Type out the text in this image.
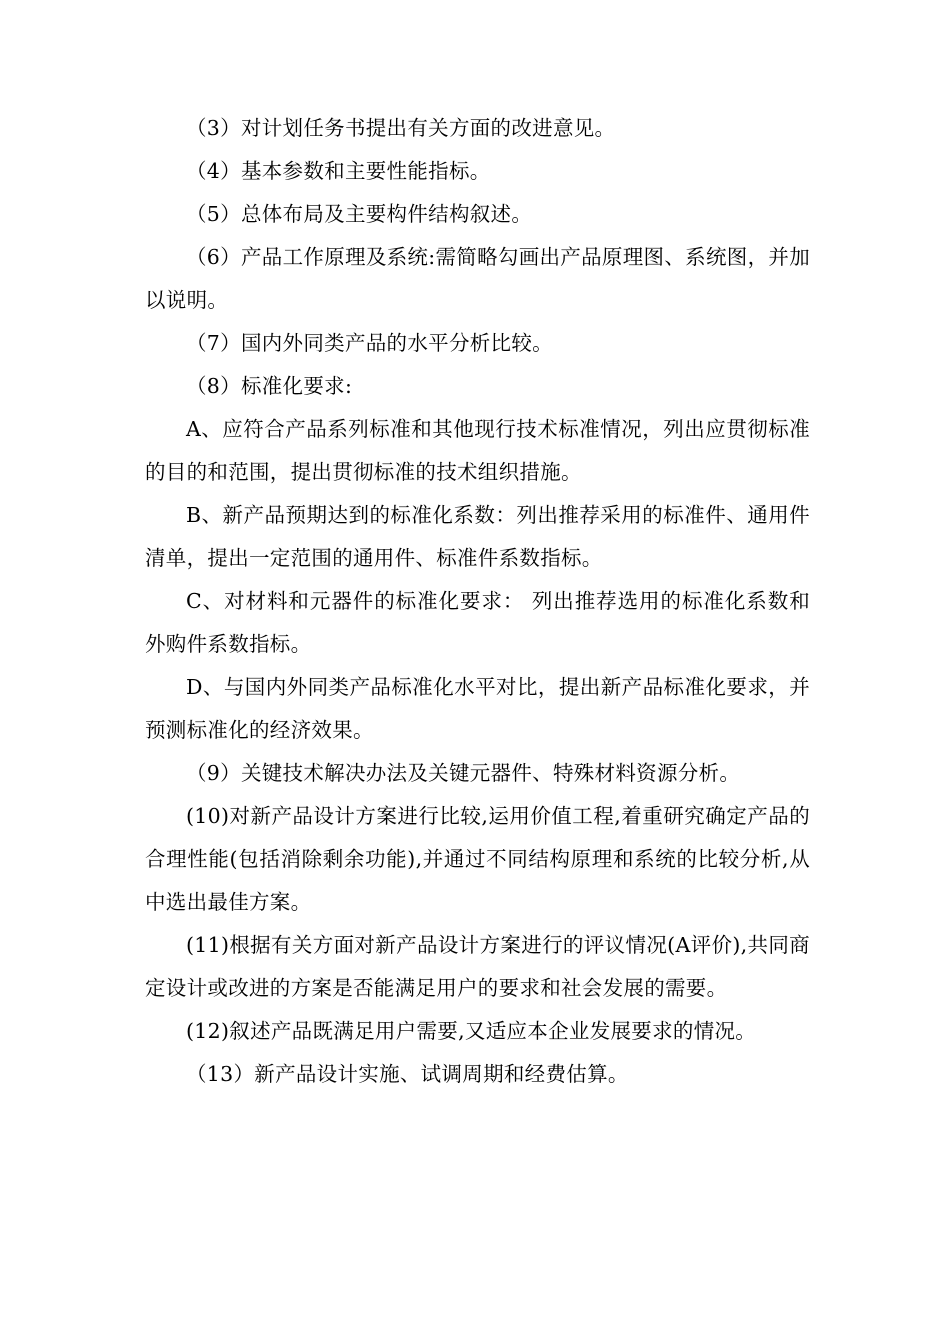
（3）对计划任务书提出有关方面的改进意见。

（4）基本参数和主要性能指标。

（5）总体布局及主要构件结构叙述。

（6）产品工作原理及系统:需简略勾画出产品原理图、系统图，并加以说明。

（7）国内外同类产品的水平分析比较。

（8）标准化要求:

A、应符合产品系列标准和其他现行技术标准情况，列出应贯彻标准的目的和范围，提出贯彻标准的技术组织措施。

B、新产品预期达到的标准化系数：列出推荐采用的标准件、通用件清单，提出一定范围的通用件、标准件系数指标。

C、对材料和元器件的标准化要求： 列出推荐选用的标准化系数和外购件系数指标。

D、与国内外同类产品标准化水平对比，提出新产品标准化要求，并预测标准化的经济效果。

（9）关键技术解决办法及关键元器件、特殊材料资源分析。

(10)对新产品设计方案进行比较,运用价值工程,着重研究确定产品的合理性能(包括消除剩余功能),并通过不同结构原理和系统的比较分析,从中选出最佳方案。

(11)根据有关方面对新产品设计方案进行的评议情况(A评价),共同商定设计或改进的方案是否能满足用户的要求和社会发展的需要。

(12)叙述产品既满足用户需要,又适应本企业发展要求的情况。

（13）新产品设计实施、试调周期和经费估算。
